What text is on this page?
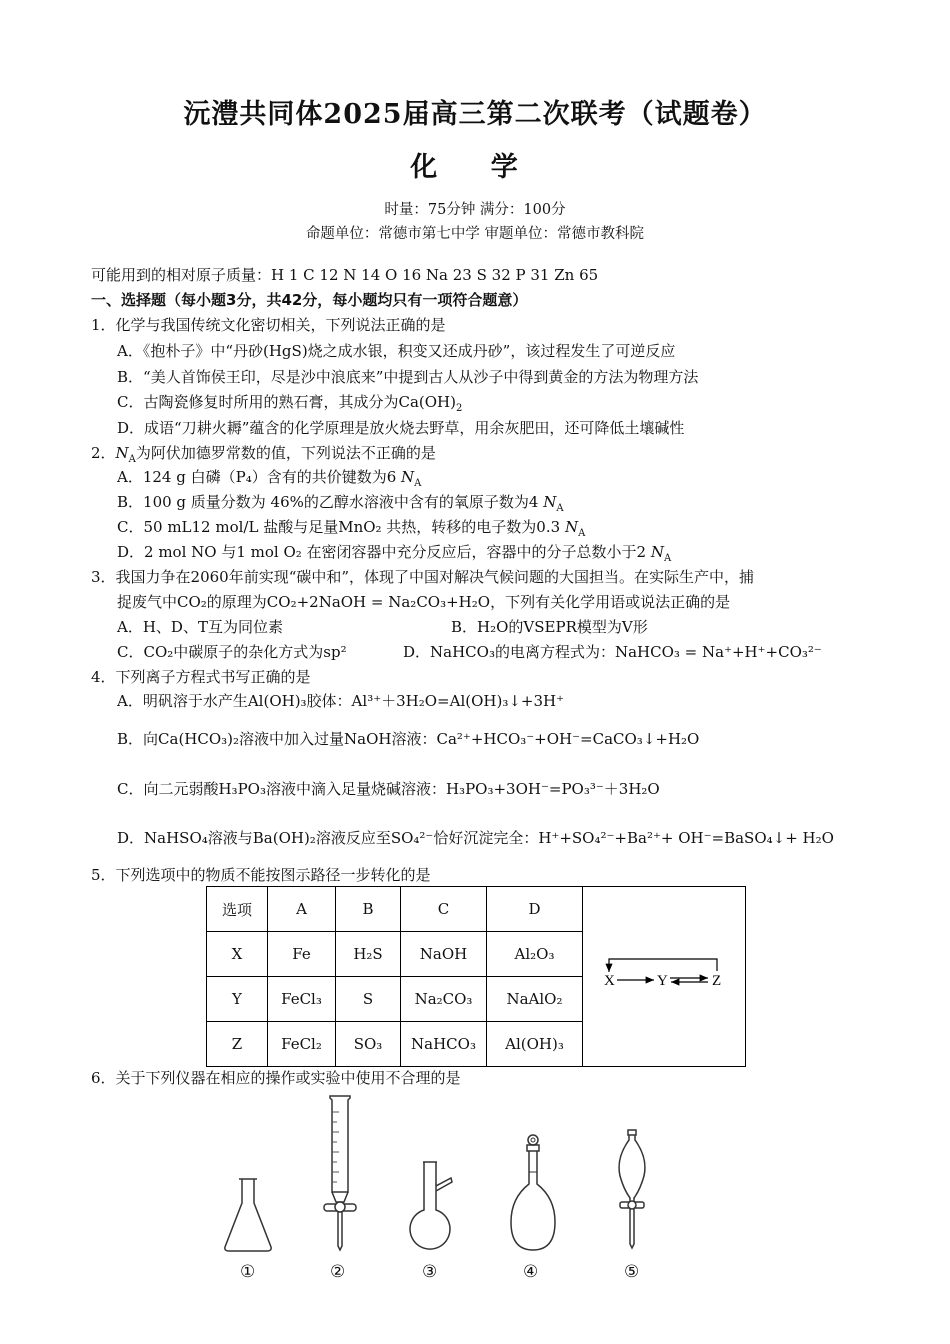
沅澧共同体2025届高三第二次联考（试题卷）
化 学
时量：75分钟 满分：100分
命题单位：常德市第七中学 审题单位：常德市教科院
可能用到的相对原子质量：H 1 C 12 N 14 O 16 Na 23 S 32 P 31 Zn 65
一、选择题（每小题3分，共42分，每小题均只有一项符合题意）
1．化学与我国传统文化密切相关，下列说法正确的是
A．《抱朴子》中“丹砂(HgS)烧之成水银，积变又还成丹砂”，该过程发生了可逆反应
B．“美人首饰侯王印，尽是沙中浪底来”中提到古人从沙子中得到黄金的方法为物理方法
C．古陶瓷修复时所用的熟石膏，其成分为$Ca(OH)_2$
D．成语“刀耕火耨”蕴含的化学原理是放火烧去野草，用余灰肥田，还可降低土壤碱性
2．$N_A$为阿伏加德罗常数的值，下列说法不正确的是
A．124 g 白磷（P₄）含有的共价键数为6 $N_A$
B．100 g 质量分数为 46%的乙醇水溶液中含有的氧原子数为4 $N_A$
C．50 mL12 mol/L 盐酸与足量MnO₂ 共热，转移的电子数为0.3 $N_A$
D．2 mol NO 与1 mol O₂ 在密闭容器中充分反应后，容器中的分子总数小于2 $N_A$
3．我国力争在2060年前实现“碳中和”，体现了中国对解决气候问题的大国担当。在实际生产中，捕
捉废气中CO₂的原理为CO₂+2NaOH = Na₂CO₃+H₂O，下列有关化学用语或说法正确的是
A．H、D、T互为同位素	B．H₂O的VSEPR模型为V形
C．CO₂中碳原子的杂化方式为sp²	D．NaHCO₃的电离方程式为：NaHCO₃ = Na⁺+H⁺+CO₃²⁻
4．下列离子方程式书写正确的是
A．明矾溶于水产生Al(OH)₃胶体：Al³⁺＋3H₂O=Al(OH)₃↓+3H⁺
B．向Ca(HCO₃)₂溶液中加入过量NaOH溶液：Ca²⁺+HCO₃⁻+OH⁻=CaCO₃↓+H₂O
C．向二元弱酸H₃PO₃溶液中滴入足量烧碱溶液：H₃PO₃+3OH⁻=PO₃³⁻＋3H₂O
D．NaHSO₄溶液与Ba(OH)₂溶液反应至SO₄²⁻恰好沉淀完全：H⁺+SO₄²⁻+Ba²⁺+ OH⁻=BaSO₄↓+ H₂O
5．下列选项中的物质不能按图示路径一步转化的是
选项	A	B	C	D	X Y Z

X	Fe	H₂S	NaOH	Al₂O₃	
Y	FeCl₃	S	Na₂CO₃	NaAlO₂	
Z	FeCl₂	SO₃	NaHCO₃	Al(OH)₃	
6．关于下列仪器在相应的操作或实验中使用不合理的是
①	②	③	④	⑤
